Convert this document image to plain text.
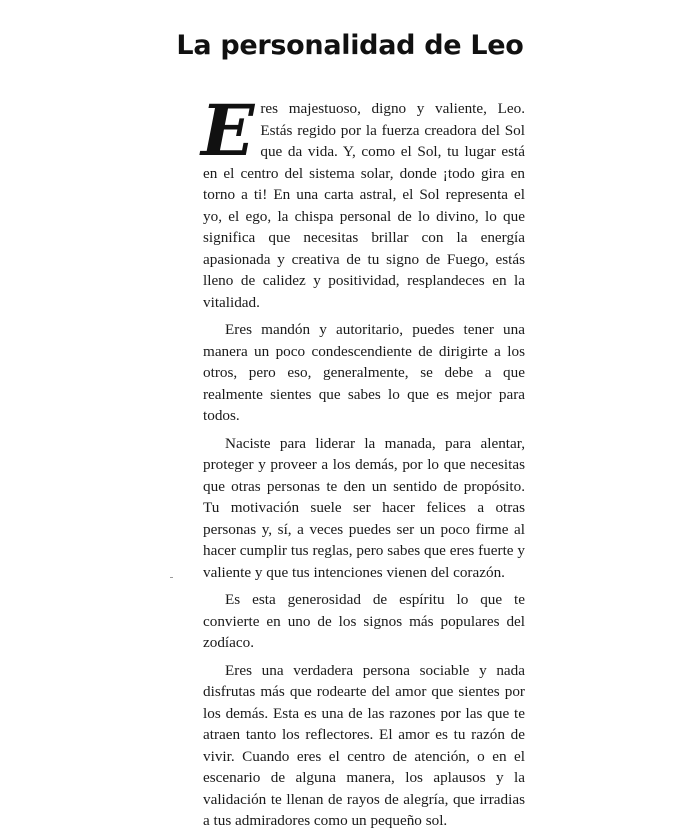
La personalidad de Leo

E res majestuoso, digno y valiente, Leo. Estás regido por la fuerza creadora del Sol que da vida. Y, como el Sol, tu lugar está en el centro del sistema solar, donde ¡todo gira en torno a ti! En una carta astral, el Sol representa el yo, el ego, la chispa personal de lo divino, lo que significa que necesitas brillar con la energía apasionada y creativa de tu signo de Fuego, estás lleno de calidez y positividad, resplandeces en la vitalidad.

Eres mandón y autoritario, puedes tener una manera un poco condescendiente de dirigirte a los otros, pero eso, generalmente, se debe a que realmente sientes que sabes lo que es mejor para todos.

Naciste para liderar la manada, para alentar, proteger y proveer a los demás, por lo que necesitas que otras personas te den un sentido de propósito. Tu motivación suele ser hacer felices a otras personas y, sí, a veces puedes ser un poco firme al hacer cumplir tus reglas, pero sabes que eres fuerte y valiente y que tus intenciones vienen del corazón.

Es esta generosidad de espíritu lo que te convierte en uno de los signos más populares del zodíaco.

Eres una verdadera persona sociable y nada disfrutas más que rodearte del amor que sientes por los demás. Esta es una de las razones por las que te atraen tanto los reflectores. El amor es tu razón de vivir. Cuando eres el centro de atención, o en el escenario de alguna manera, los aplausos y la validación te llenan de rayos de alegría, que irradias a tus admiradores como un pequeño sol.
